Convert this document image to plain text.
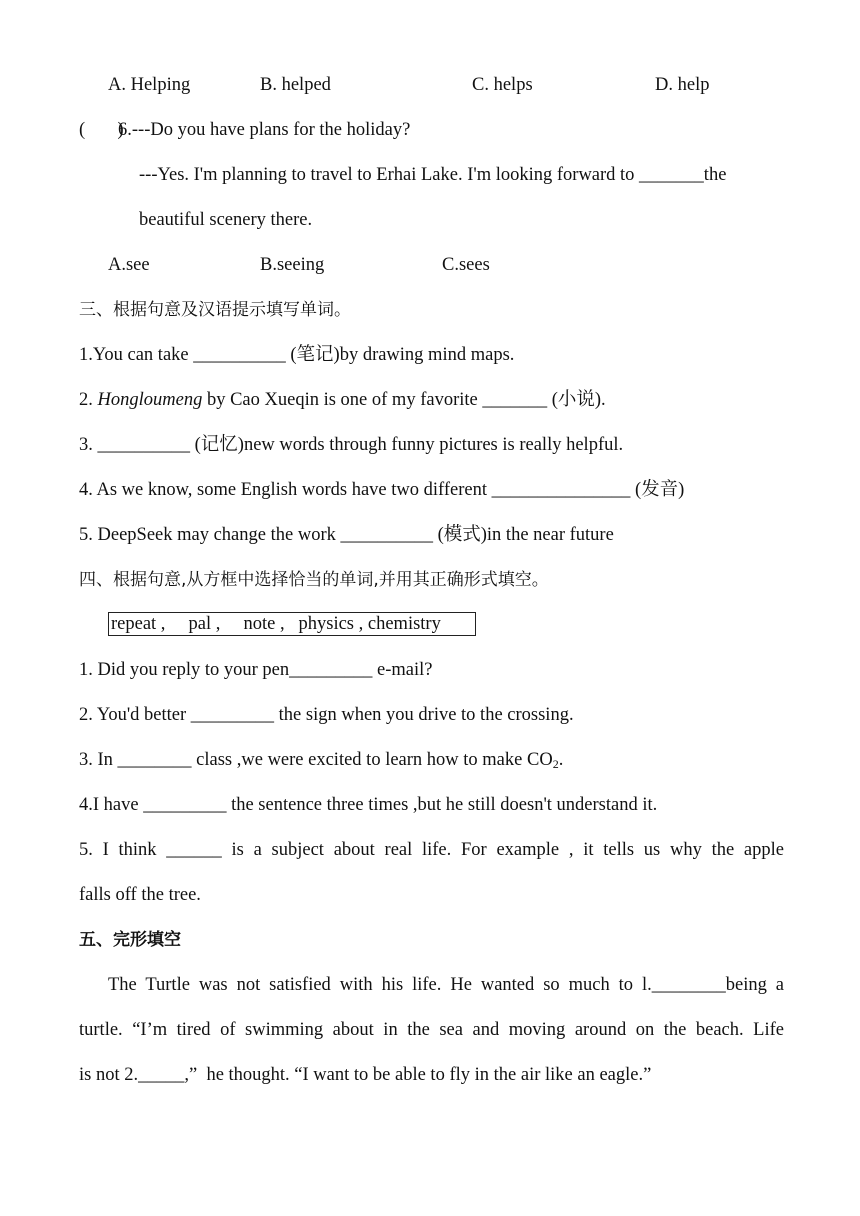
A. Helping	B. helped	C. helps	D. help
(       )
6.---Do you have plans for the holiday?
---Yes. I'm planning to travel to Erhai Lake. I'm looking forward to _______the
beautiful scenery there.
A.see	B.seeing	C.sees
三、根据句意及汉语提示填写单词。
1.You can take __________ (笔记)by drawing mind maps.
2. Hongloumeng by Cao Xueqin is one of my favorite _______ (小说).
3. __________ (记忆)new words through funny pictures is really helpful.
4. As we know, some English words have two different _______________ (发音)
5. DeepSeek may change the work __________ (模式)in the near future
四、根据句意,从方框中选择恰当的单词,并用其正确形式填空。
repeat ,     pal ,     note ,   physics , chemistry
1. Did you reply to your pen_________ e-mail?
2. You'd better _________ the sign when you drive to the crossing.
3. In ________ class ,we were excited to learn how to make $CO_2$.
4.I have _________ the sentence three times ,but he still doesn't understand it.
5. I think ______ is a subject about real life. For example , it tells us why the apple
falls off the tree.
五、完形填空
The Turtle was not satisfied with his life. He wanted so much to l.________being a
turtle. “I’m tired of swimming about in the sea and moving around on the beach. Life
is not 2._____,”  he thought. “I want to be able to fly in the air like an eagle.”
